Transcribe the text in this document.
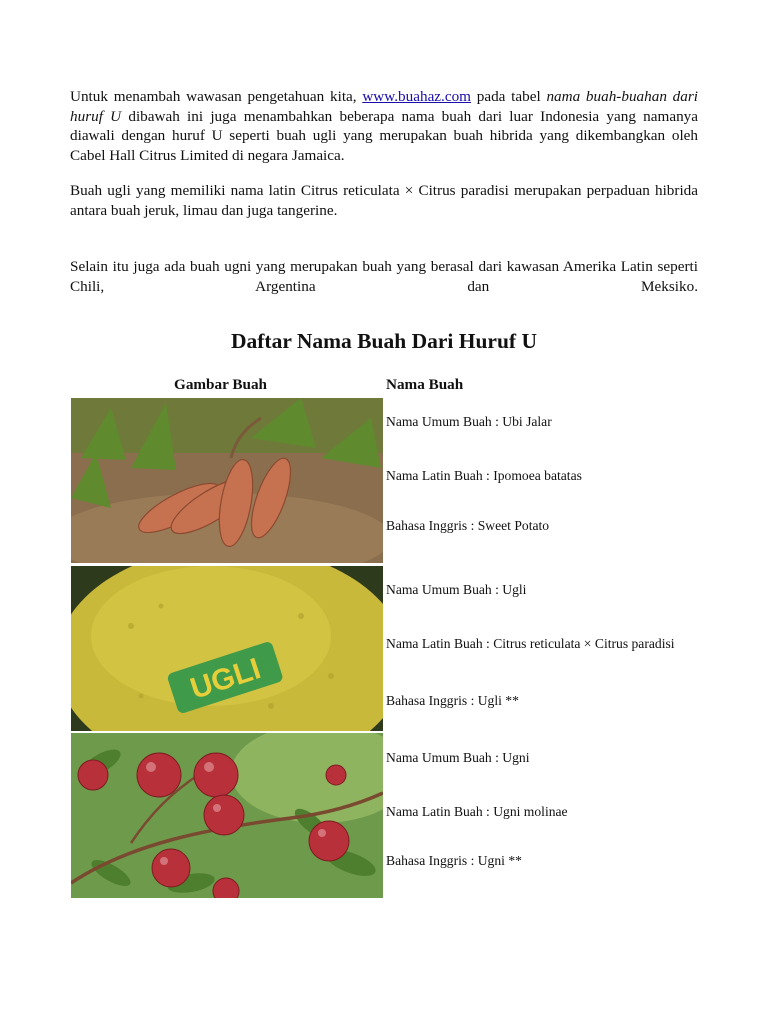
Untuk menambah wawasan pengetahuan kita, www.buahaz.com pada tabel nama buah-buahan dari huruf U dibawah ini juga menambahkan beberapa nama buah dari luar Indonesia yang namanya diawali dengan huruf U seperti buah ugli yang merupakan buah hibrida yang dikembangkan oleh Cabel Hall Citrus Limited di negara Jamaica.

Buah ugli yang memiliki nama latin Citrus reticulata × Citrus paradisi merupakan perpaduan hibrida antara buah jeruk, limau dan juga tangerine.

Selain itu juga ada buah ugni yang merupakan buah yang berasal dari kawasan Amerika Latin seperti Chili, Argentina dan Meksiko.

Daftar Nama Buah Dari Huruf U
Gambar Buah	Nama Buah
Nama Umum Buah : Ubi Jalar
Nama Latin Buah : Ipomoea batatas
Bahasa Inggris : Sweet Potato
UGLI
Nama Umum Buah : Ugli
Nama Latin Buah : Citrus reticulata × Citrus paradisi
Bahasa Inggris : Ugli **
Nama Umum Buah : Ugni
Nama Latin Buah : Ugni molinae
Bahasa Inggris : Ugni **
